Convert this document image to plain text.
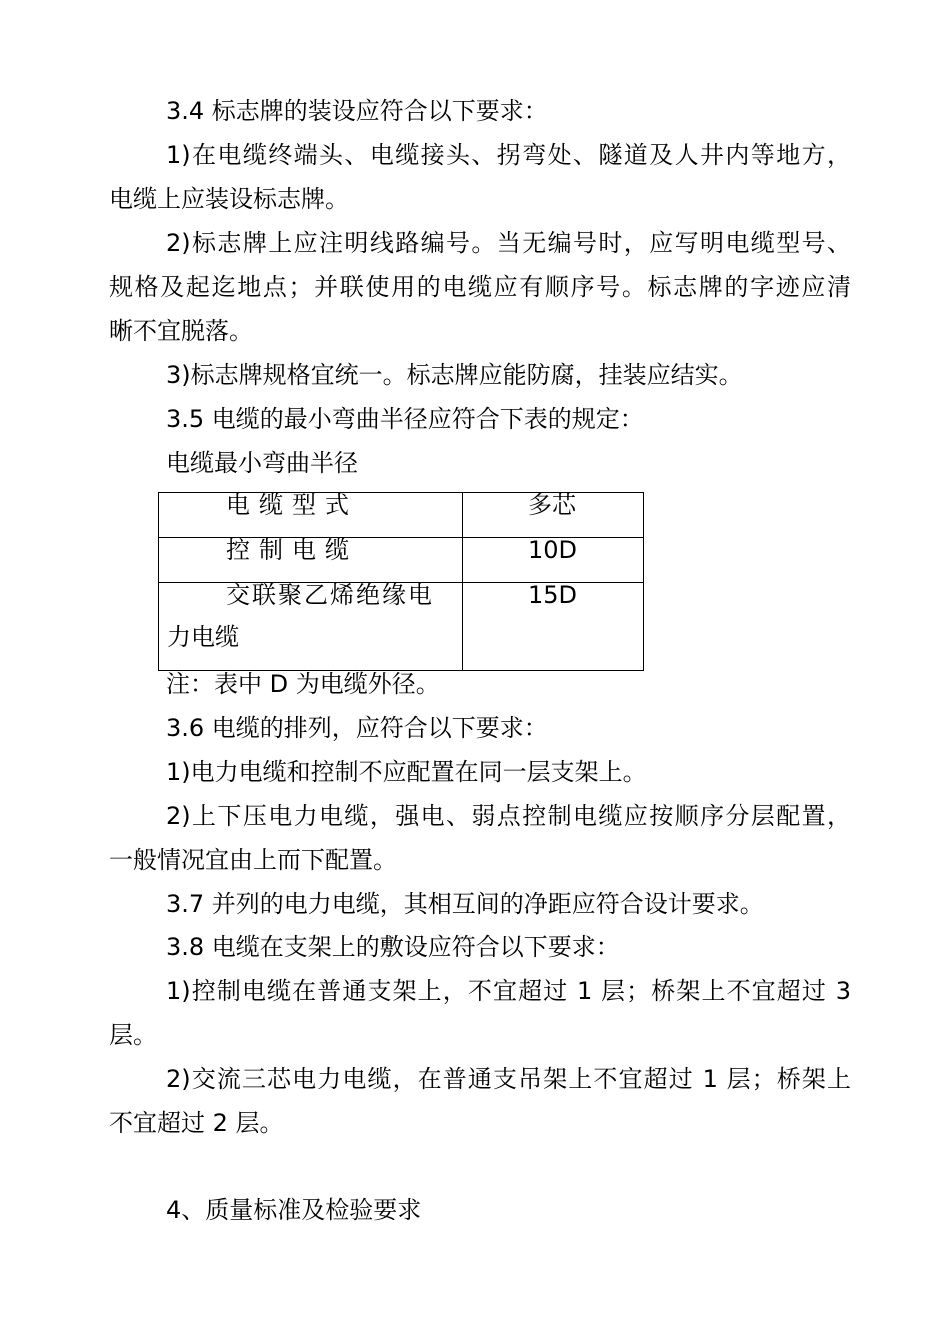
3.4 标志牌的装设应符合以下要求：

1)在电缆终端头、电缆接头、拐弯处、隧道及人井内等地方，

电缆上应装设标志牌。

2)标志牌上应注明线路编号。当无编号时，应写明电缆型号、

规格及起迄地点；并联使用的电缆应有顺序号。标志牌的字迹应清

晰不宜脱落。

3)标志牌规格宜统一。标志牌应能防腐，挂装应结实。

3.5 电缆的最小弯曲半径应符合下表的规定：

电缆最小弯曲半径

电缆型式	多芯
控制电缆	10D

交联聚乙烯绝缘电
力电缆	15D

注：表中 D 为电缆外径。

3.6 电缆的排列，应符合以下要求：

1)电力电缆和控制不应配置在同一层支架上。

2)上下压电力电缆，强电、弱点控制电缆应按顺序分层配置，

一般情况宜由上而下配置。

3.7 并列的电力电缆，其相互间的净距应符合设计要求。

3.8 电缆在支架上的敷设应符合以下要求：

1)控制电缆在普通支架上，不宜超过 1 层；桥架上不宜超过 3

层。

2)交流三芯电力电缆，在普通支吊架上不宜超过 1 层；桥架上

不宜超过 2 层。

4、质量标准及检验要求
